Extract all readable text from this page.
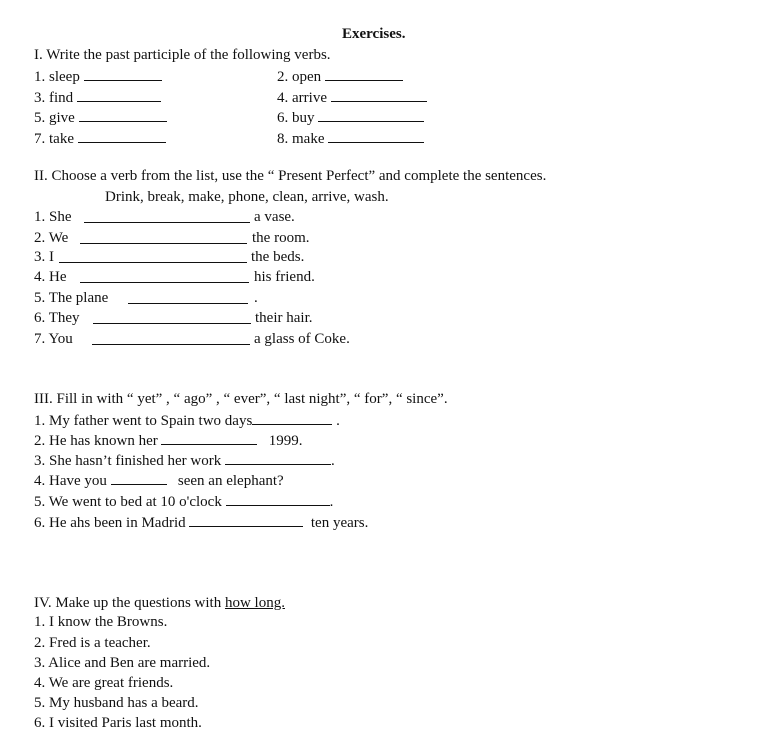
Exercises.
I. Write the past participle of the following verbs.
1. sleep	2. open
3. find	4. arrive
5. give	6. buy
7. take	8. make
II. Choose a verb from the list, use the “ Present Perfect” and complete the sentences.
Drink, break, make, phone, clean, arrive, wash.
1. She	a vase.
2. We	the room.
3. I	the beds.
4. He	his friend.
5. The plane	.
6. They	their hair.
7. You	a glass of Coke.
III. Fill in with “ yet” , “ ago” , “ ever”, “ last night”, “ for”, “ since”.
1. My father went to Spain two days	.
2. He has known her	1999.
3. She hasn’t finished her work	.
4. Have you	seen an elephant?
5. We went to bed at 10 o'clock	.
6. He ahs been in Madrid	ten years.
IV. Make up the questions with how long.
1. I know the Browns.
2. Fred is a teacher.
3. Alice and Ben are married.
4. We are great friends.
5. My husband has a beard.
6. I visited Paris last month.
